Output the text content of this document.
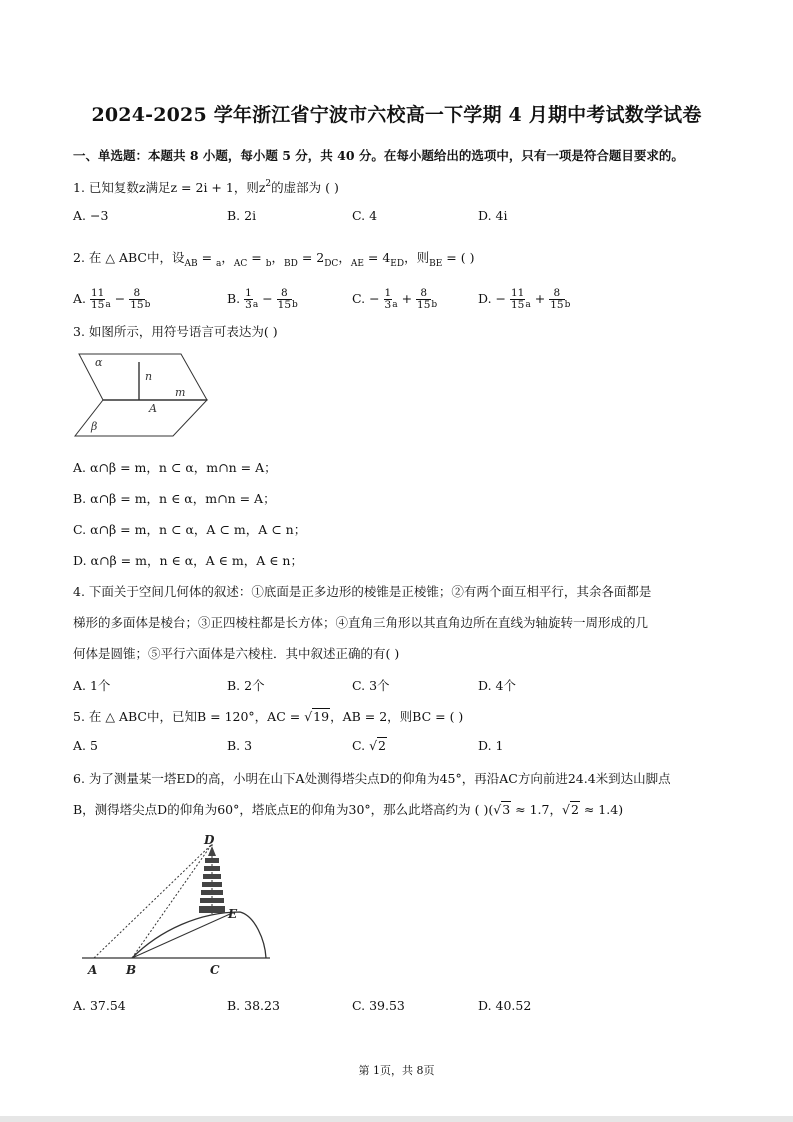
2024-2025 学年浙江省宁波市六校高一下学期 4 月期中考试数学试卷
一、单选题：本题共 8 小题，每小题 5 分，共 40 分。在每小题给出的选项中，只有一项是符合题目要求的。
1. 已知复数z满足z = 2i + 1，则$z^2$的虚部为 ( )
A. −3	B. 2i	C. 4	D. 4i
2. 在 △ ABC中，设$_{AB}$ = $_a$，$_{AC}$ = $_b$，$_{BD} = 2_{DC}$，$_{AE} = 4_{ED}$，则$_{BE}$ = ( )
A. $\frac{11}{15} _a - \frac{8}{15} _b$	B. $\frac{1}{3} _a - \frac{8}{15} _b$	C. − $\frac{1}{3} _a + \frac{8}{15} _b$	D. − $\frac{11}{15} _a + \frac{8}{15} _b$
3. 如图所示，用符号语言可表达为( )
α
n
m
A
β
A. α∩β = m，n ⊂ α，m∩n = A；
B. α∩β = m，n ∈ α，m∩n = A；
C. α∩β = m，n ⊂ α，A ⊂ m，A ⊂ n；
D. α∩β = m，n ∈ α，A ∈ m，A ∈ n；
4. 下面关于空间几何体的叙述：①底面是正多边形的棱锥是正棱锥；②有两个面互相平行，其余各面都是
梯形的多面体是棱台；③正四棱柱都是长方体；④直角三角形以其直角边所在直线为轴旋转一周形成的几
何体是圆锥；⑤平行六面体是六棱柱．其中叙述正确的有( )
A. 1个	B. 2个	C. 3个	D. 4个
5. 在 △ ABC中，已知B = 120°，AC = √19，AB = 2，则BC = ( )
A. 5	B. 3	C. √2	D. 1
6. 为了测量某一塔ED的高，小明在山下A处测得塔尖点D的仰角为45°，再沿AC方向前进24.4米到达山脚点
B，测得塔尖点D的仰角为60°，塔底点E的仰角为30°，那么此塔高约为 ( )(√3 ≈ 1.7，√2 ≈ 1.4)
D
E
A B	C
A. 37.54	B. 38.23	C. 39.53	D. 40.52
第 1页，共 8页
